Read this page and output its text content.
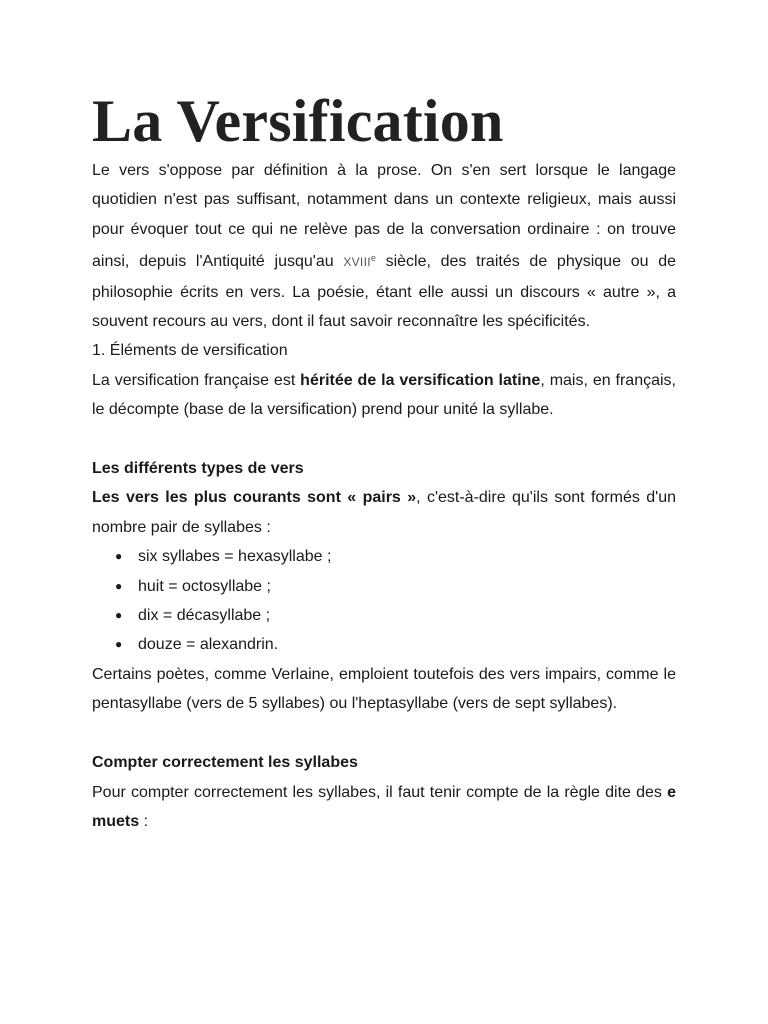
La Versification

Le vers s'oppose par définition à la prose. On s'en sert lorsque le langage quotidien n'est pas suffisant, notamment dans un contexte religieux, mais aussi pour évoquer tout ce qui ne relève pas de la conversation ordinaire : on trouve ainsi, depuis l'Antiquité jusqu'au XVIIIe siècle, des traités de physique ou de philosophie écrits en vers. La poésie, étant elle aussi un discours « autre », a souvent recours au vers, dont il faut savoir reconnaître les spécificités.

1. Éléments de versification

La versification française est héritée de la versification latine, mais, en français, le décompte (base de la versification) prend pour unité la syllabe.

Les différents types de vers

Les vers les plus courants sont « pairs », c'est-à-dire qu'ils sont formés d'un nombre pair de syllabes :

● six syllabes = hexasyllabe ;
● huit = octosyllabe ;
● dix = décasyllabe ;
● douze = alexandrin.

Certains poètes, comme Verlaine, emploient toutefois des vers impairs, comme le pentasyllabe (vers de 5 syllabes) ou l'heptasyllabe (vers de sept syllabes).

Compter correctement les syllabes

Pour compter correctement les syllabes, il faut tenir compte de la règle dite des e muets :
